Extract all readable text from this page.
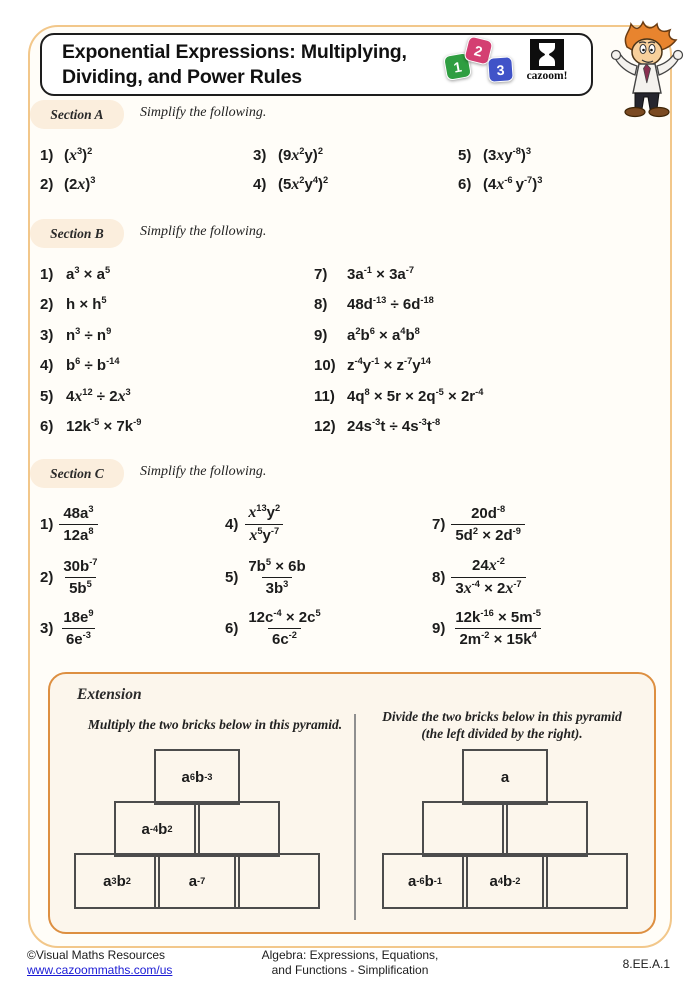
Exponential Expressions: Multiplying,
Dividing, and Power Rules	1
2
3	cazoom!
Section A	Simplify the following.
1) $(x^3)^2$
2) $(2x)^3$
3) $(9x^2y)^2$
4) $(5x^2y^4)^2$
5) $(3xy^{-8})^3$
6) ($4x^{-6}$ $y^{-7})^3$
Section B	Simplify the following.
1) $a^3 \times a^5$
2) $h \times h^5$
3) $n^3 \div n^9$
4) $b^6 \div b^{-14}$
5) $4x^{12} \div 2x^3$
6) $12k^{-5} \times 7k^{-9}$
7)	$3a^{-1} \times 3a^{-7}$
8)	$48d^{-13} \div 6d^{-18}$
9)	$a^2b^6 \times a^4b^8$
10) $z^{-4}y^{-1} \times z^{-7}y^{14}$
11) $4q^8 \times 5r \times 2q^{-5} \times 2r^{-4}$
12) $24s^{-3}t \div 4s^{-3}t^{-8}$
Section C	Simplify the following.
$1) \frac{48a^3}{12a^8}$
$2) \frac{30b^{-7}}{5b^5}$
$3) \frac{18e^9}{6e^{-3}}$
$4) \frac{x^{13}y^2}{x^5y^{-7}}$
$5) \frac{7b^5 \times 6b}{3b^3}$
$6) \frac{12c^{-4} \times 2c^5}{6c^{-2}}$
$7) \frac{20d^{-8}}{5d^2 \times 2d^{-9}}$
$8) \frac{24x^{-2}}{3x^{-4} \times 2x^{-7}}$
$9) \frac{12k^{-16} \times 5m^{-5}}{2m^{-2} \times 15k^4}$
Extension
Multiply the two bricks below in this pyramid.
Divide the two bricks below in this pyramid
(the left divided by the right).
a 6 b -3
a -4 b 2
a 3 b 2	a -7
a
a -6 b -1	a 4 b -2
©Visual Maths Resources
www.cazoommaths.com/us
Algebra: Expressions, Equations,
and Functions - Simplification	8.EE.A.1
